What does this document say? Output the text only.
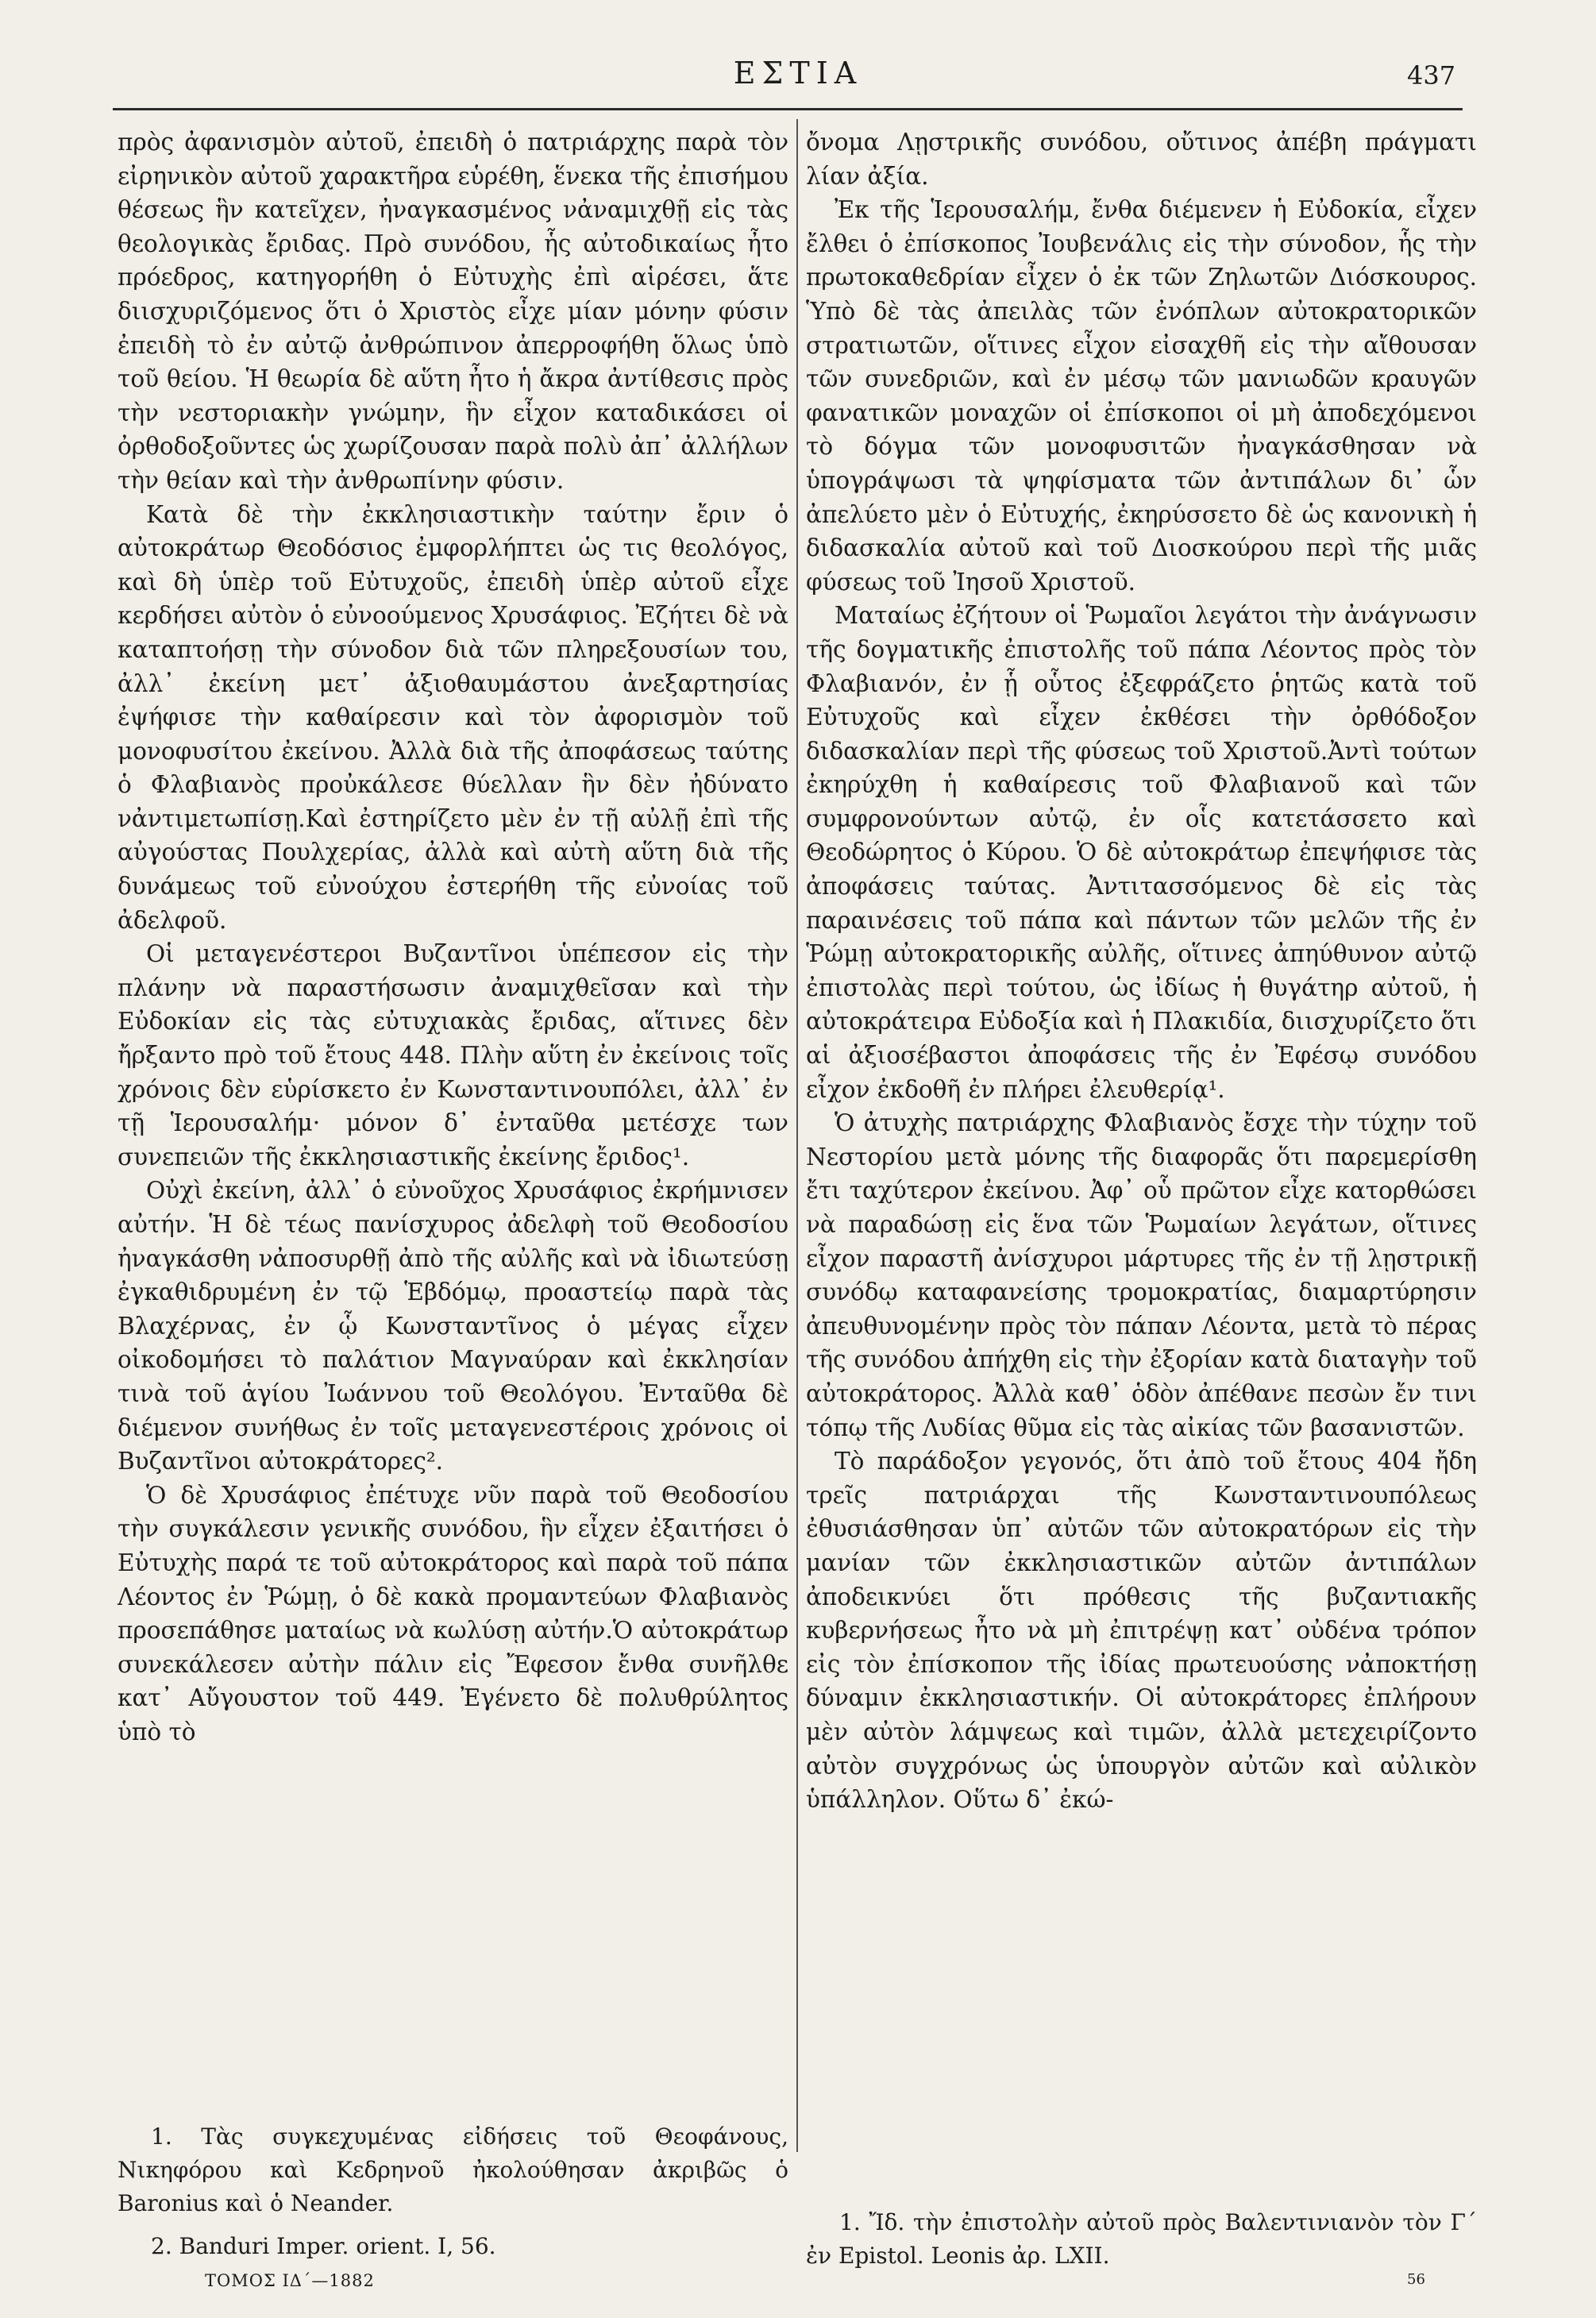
ΕΣΤΙΑ	437

πρὸς ἀφανισμὸν αὐτοῦ, ἐπειδὴ ὁ πατριάρχης παρὰ τὸν εἰρηνικὸν αὐτοῦ χαρακτῆρα εὑρέθη, ἕνεκα τῆς ἐπισήμου θέσεως ἣν κατεῖχεν, ἠναγκασμένος νἀναμιχθῇ εἰς τὰς θεολογικὰς ἔριδας. Πρὸ συνόδου, ἧς αὐτοδικαίως ἦτο πρόεδρος, κατηγορήθη ὁ Εὐτυχὴς ἐπὶ αἱρέσει, ἅτε διισχυριζόμενος ὅτι ὁ Χριστὸς εἶχε μίαν μόνην φύσιν ἐπειδὴ τὸ ἐν αὐτῷ ἀνθρώπινον ἀπερροφήθη ὅλως ὑπὸ τοῦ θείου. Ἡ θεωρία δὲ αὕτη ἦτο ἡ ἄκρα ἀντίθεσις πρὸς τὴν νεστοριακὴν γνώμην, ἣν εἶχον καταδικάσει οἱ ὀρθοδοξοῦντες ὡς χωρίζουσαν παρὰ πολὺ ἀπ᾽ ἀλλήλων τὴν θείαν καὶ τὴν ἀνθρωπίνην φύσιν.

Κατὰ δὲ τὴν ἐκκλησιαστικὴν ταύτην ἔριν ὁ αὐτοκράτωρ Θεοδόσιος ἐμφορλήπτει ὡς τις θεολόγος, καὶ δὴ ὑπὲρ τοῦ Εὐτυχοῦς, ἐπειδὴ ὑπὲρ αὐτοῦ εἶχε κερδήσει αὐτὸν ὁ εὐνοούμενος Χρυσάφιος. Ἐζήτει δὲ νὰ καταπτοήσῃ τὴν σύνοδον διὰ τῶν πληρεξουσίων του, ἀλλ᾽ ἐκείνη μετ᾽ ἀξιοθαυμάστου ἀνεξαρτησίας ἐψήφισε τὴν καθαίρεσιν καὶ τὸν ἀφορισμὸν τοῦ μονοφυσίτου ἐκείνου. Ἀλλὰ διὰ τῆς ἀποφάσεως ταύτης ὁ Φλαβιανὸς προὐκάλεσε θύελλαν ἣν δὲν ἠδύνατο νἀντιμετωπίσῃ.Καὶ ἐστηρίζετο μὲν ἐν τῇ αὐλῇ ἐπὶ τῆς αὐγούστας Πουλχερίας, ἀλλὰ καὶ αὐτὴ αὕτη διὰ τῆς δυνάμεως τοῦ εὐνούχου ἐστερήθη τῆς εὐνοίας τοῦ ἀδελφοῦ.

Οἱ μεταγενέστεροι Βυζαντῖνοι ὑπέπεσον εἰς τὴν πλάνην νὰ παραστήσωσιν ἀναμιχθεῖσαν καὶ τὴν Εὐδοκίαν εἰς τὰς εὐτυχιακὰς ἔριδας, αἵτινες δὲν ἤρξαντο πρὸ τοῦ ἔτους 448. Πλὴν αὕτη ἐν ἐκείνοις τοῖς χρόνοις δὲν εὑρίσκετο ἐν Κωνσταντινουπόλει, ἀλλ᾽ ἐν τῇ Ἱερουσαλήμ· μόνον δ᾽ ἐνταῦθα μετέσχε των συνεπειῶν τῆς ἐκκλησιαστικῆς ἐκείνης ἔριδος¹.

Οὐχὶ ἐκείνη, ἀλλ᾽ ὁ εὐνοῦχος Χρυσάφιος ἐκρήμνισεν αὐτήν. Ἡ δὲ τέως πανίσχυρος ἀδελφὴ τοῦ Θεοδοσίου ἠναγκάσθη νἀποσυρθῇ ἀπὸ τῆς αὐλῆς καὶ νὰ ἰδιωτεύσῃ ἐγκαθιδρυμένη ἐν τῷ Ἑβδόμῳ, προαστείῳ παρὰ τὰς Βλαχέρνας, ἐν ᾧ Κωνσταντῖνος ὁ μέγας εἶχεν οἰκοδομήσει τὸ παλάτιον Μαγναύραν καὶ ἐκκλησίαν τινὰ τοῦ ἁγίου Ἰωάννου τοῦ Θεολόγου. Ἐνταῦθα δὲ διέμενον συνήθως ἐν τοῖς μεταγενεστέροις χρόνοις οἱ Βυζαντῖνοι αὐτοκράτορες².

Ὁ δὲ Χρυσάφιος ἐπέτυχε νῦν παρὰ τοῦ Θεοδοσίου τὴν συγκάλεσιν γενικῆς συνόδου, ἣν εἶχεν ἐξαιτήσει ὁ Εὐτυχὴς παρά τε τοῦ αὐτοκράτορος καὶ παρὰ τοῦ πάπα Λέοντος ἐν Ῥώμῃ, ὁ δὲ κακὰ προμαντεύων Φλαβιανὸς προσεπάθησε ματαίως νὰ κωλύσῃ αὐτήν.Ὁ αὐτοκράτωρ συνεκάλεσεν αὐτὴν πάλιν εἰς Ἔφεσον ἔνθα συνῆλθε κατ᾽ Αὔγουστον τοῦ 449. Ἐγένετο δὲ πολυθρύλητος ὑπὸ τὸ

ὄνομα Λῃστρικῆς συνόδου, οὔτινος ἀπέβη πράγματι λίαν ἀξία.

Ἐκ τῆς Ἱερουσαλήμ, ἔνθα διέμενεν ἡ Εὐδοκία, εἶχεν ἔλθει ὁ ἐπίσκοπος Ἰουβενάλις εἰς τὴν σύνοδον, ἧς τὴν πρωτοκαθεδρίαν εἶχεν ὁ ἐκ τῶν Ζηλωτῶν Διόσκουρος. Ὑπὸ δὲ τὰς ἀπειλὰς τῶν ἐνόπλων αὐτοκρατορικῶν στρατιωτῶν, οἵτινες εἶχον εἰσαχθῆ εἰς τὴν αἴθουσαν τῶν συνεδριῶν, καὶ ἐν μέσῳ τῶν μανιωδῶν κραυγῶν φανατικῶν μοναχῶν οἱ ἐπίσκοποι οἱ μὴ ἀποδεχόμενοι τὸ δόγμα τῶν μονοφυσιτῶν ἠναγκάσθησαν νὰ ὑπογράψωσι τὰ ψηφίσματα τῶν ἀντιπάλων δι᾽ ὧν ἀπελύετο μὲν ὁ Εὐτυχής, ἐκηρύσσετο δὲ ὡς κανονικὴ ἡ διδασκαλία αὐτοῦ καὶ τοῦ Διοσκούρου περὶ τῆς μιᾶς φύσεως τοῦ Ἰησοῦ Χριστοῦ.

Ματαίως ἐζήτουν οἱ Ῥωμαῖοι λεγάτοι τὴν ἀνάγνωσιν τῆς δογματικῆς ἐπιστολῆς τοῦ πάπα Λέοντος πρὸς τὸν Φλαβιανόν, ἐν ᾗ οὗτος ἐξεφράζετο ῥητῶς κατὰ τοῦ Εὐτυχοῦς καὶ εἶχεν ἐκθέσει τὴν ὀρθόδοξον διδασκαλίαν περὶ τῆς φύσεως τοῦ Χριστοῦ.Ἀντὶ τούτων ἐκηρύχθη ἡ καθαίρεσις τοῦ Φλαβιανοῦ καὶ τῶν συμφρονούντων αὐτῷ, ἐν οἷς κατετάσσετο καὶ Θεοδώρητος ὁ Κύρου. Ὁ δὲ αὐτοκράτωρ ἐπεψήφισε τὰς ἀποφάσεις ταύτας. Ἀντιτασσόμενος δὲ εἰς τὰς παραινέσεις τοῦ πάπα καὶ πάντων τῶν μελῶν τῆς ἐν Ῥώμῃ αὐτοκρατορικῆς αὐλῆς, οἵτινες ἀπηύθυνον αὐτῷ ἐπιστολὰς περὶ τούτου, ὡς ἰδίως ἡ θυγάτηρ αὐτοῦ, ἡ αὐτοκράτειρα Εὐδοξία καὶ ἡ Πλακιδία, διισχυρίζετο ὅτι αἱ ἀξιοσέβαστοι ἀποφάσεις τῆς ἐν Ἐφέσῳ συνόδου εἶχον ἐκδοθῆ ἐν πλήρει ἐλευθερίᾳ¹.

Ὁ ἀτυχὴς πατριάρχης Φλαβιανὸς ἔσχε τὴν τύχην τοῦ Νεστορίου μετὰ μόνης τῆς διαφορᾶς ὅτι παρεμερίσθη ἔτι ταχύτερον ἐκείνου. Ἀφ᾽ οὗ πρῶτον εἶχε κατορθώσει νὰ παραδώσῃ εἰς ἕνα τῶν Ῥωμαίων λεγάτων, οἵτινες εἶχον παραστῆ ἀνίσχυροι μάρτυρες τῆς ἐν τῇ λῃστρικῇ συνόδῳ καταφανείσης τρομοκρατίας, διαμαρτύρησιν ἀπευθυνομένην πρὸς τὸν πάπαν Λέοντα, μετὰ τὸ πέρας τῆς συνόδου ἀπήχθη εἰς τὴν ἐξορίαν κατὰ διαταγὴν τοῦ αὐτοκράτορος. Ἀλλὰ καθ᾽ ὁδὸν ἀπέθανε πεσὼν ἔν τινι τόπῳ τῆς Λυδίας θῦμα εἰς τὰς αἰκίας τῶν βασανιστῶν.

Τὸ παράδοξον γεγονός, ὅτι ἀπὸ τοῦ ἔτους 404 ἤδη τρεῖς πατριάρχαι τῆς Κωνσταντινουπόλεως ἐθυσιάσθησαν ὑπ᾽ αὐτῶν τῶν αὐτοκρατόρων εἰς τὴν μανίαν τῶν ἐκκλησιαστικῶν αὐτῶν ἀντιπάλων ἀποδεικνύει ὅτι πρόθεσις τῆς βυζαντιακῆς κυβερνήσεως ἦτο νὰ μὴ ἐπιτρέψῃ κατ᾽ οὐδένα τρόπον εἰς τὸν ἐπίσκοπον τῆς ἰδίας πρωτευούσης νἀποκτήσῃ δύναμιν ἐκκλησιαστικήν. Οἱ αὐτοκράτορες ἐπλήρουν μὲν αὐτὸν λάμψεως καὶ τιμῶν, ἀλλὰ μετεχειρίζοντο αὐτὸν συγχρόνως ὡς ὑπουργὸν αὐτῶν καὶ αὐλικὸν ὑπάλληλον. Οὕτω δ᾽ ἐκώ-

1. Τὰς συγκεχυμένας εἰδήσεις τοῦ Θεοφάνους, Νικηφόρου καὶ Κεδρηνοῦ ἠκολούθησαν ἀκριβῶς ὁ Baronius καὶ ὁ Neander.

2. Banduri Imper. orient. I, 56.

1. Ἴδ. τὴν ἐπιστολὴν αὐτοῦ πρὸς Βαλεντινιανὸν τὸν Γ´ ἐν Epistol. Leonis ἀρ. LXII.

ΤΟΜΟΣ ΙΔ´—1882	56
